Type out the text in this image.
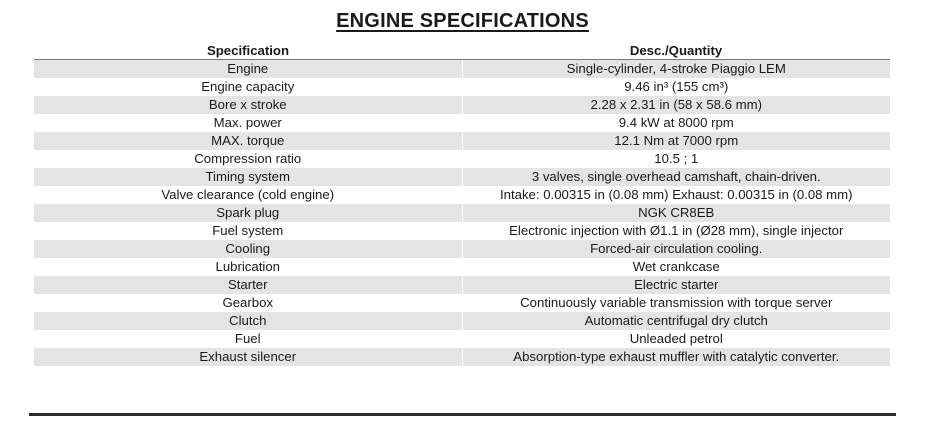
ENGINE SPECIFICATIONS
Specification	Desc./Quantity
Engine	Single-cylinder, 4-stroke Piaggio LEM
Engine capacity	9.46 in³ (155 cm³)
Bore x stroke	2.28 x 2.31 in (58 x 58.6 mm)
Max. power	9.4 kW at 8000 rpm
MAX. torque	12.1 Nm at 7000 rpm
Compression ratio	10.5 ; 1
Timing system	3 valves, single overhead camshaft, chain-driven.
Valve clearance (cold engine)	Intake: 0.00315 in (0.08 mm) Exhaust: 0.00315 in (0.08 mm)
Spark plug	NGK CR8EB
Fuel system	Electronic injection with Ø1.1 in (Ø28 mm), single injector
Cooling	Forced-air circulation cooling.
Lubrication	Wet crankcase
Starter	Electric starter
Gearbox	Continuously variable transmission with torque server
Clutch	Automatic centrifugal dry clutch
Fuel	Unleaded petrol
Exhaust silencer	Absorption-type exhaust muffler with catalytic converter.
